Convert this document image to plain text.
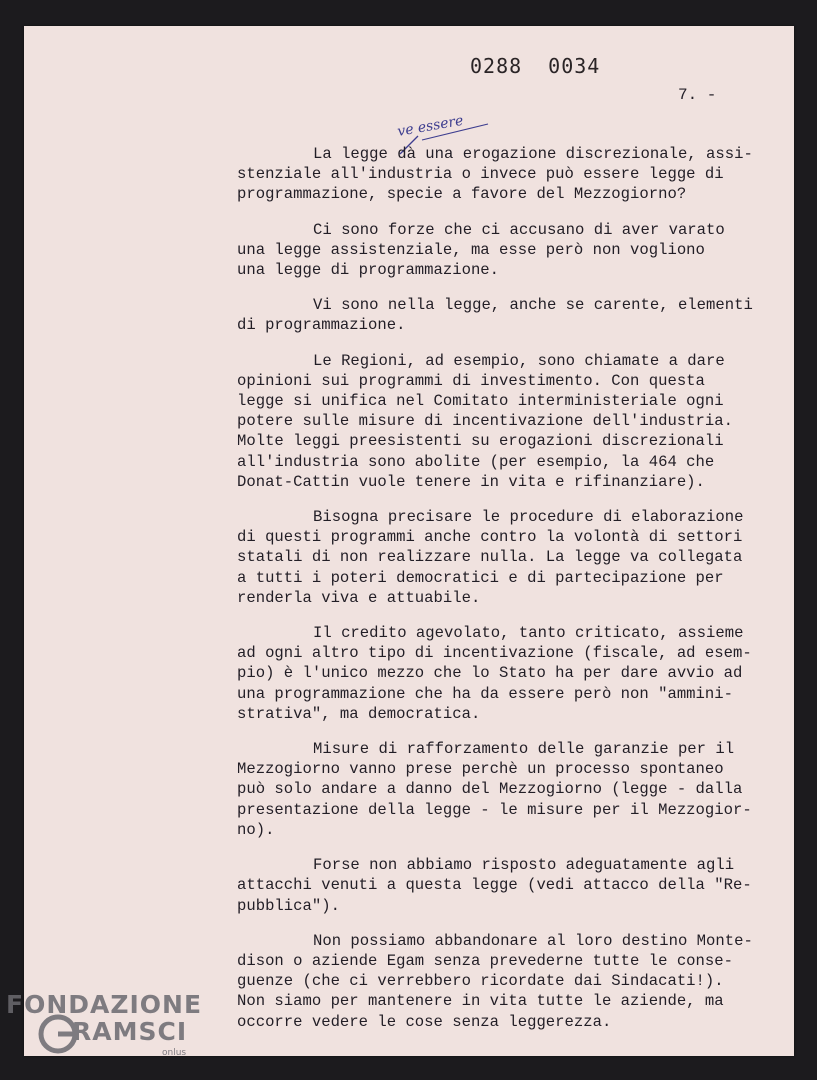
0288 0034
7. -
ve essere
La legge dà una erogazione discrezionale, assi-
stenziale all'industria o invece può essere legge di
programmazione, specie a favore del Mezzogiorno?
Ci sono forze che ci accusano di aver varato
una legge assistenziale, ma esse però non vogliono
una legge di programmazione.
Vi sono nella legge, anche se carente, elementi
di programmazione.
Le Regioni, ad esempio, sono chiamate a dare
opinioni sui programmi di investimento. Con questa
legge si unifica nel Comitato interministeriale ogni
potere sulle misure di incentivazione dell'industria.
Molte leggi preesistenti su erogazioni discrezionali
all'industria sono abolite (per esempio, la 464 che
Donat-Cattin vuole tenere in vita e rifinanziare).
Bisogna precisare le procedure di elaborazione
di questi programmi anche contro la volontà di settori
statali di non realizzare nulla. La legge va collegata
a tutti i poteri democratici e di partecipazione per
renderla viva e attuabile.
Il credito agevolato, tanto criticato, assieme
ad ogni altro tipo di incentivazione (fiscale, ad esem-
pio) è l'unico mezzo che lo Stato ha per dare avvio ad
una programmazione che ha da essere però non "ammini-
strativa", ma democratica.
Misure di rafforzamento delle garanzie per il
Mezzogiorno vanno prese perchè un processo spontaneo
può solo andare a danno del Mezzogiorno (legge - dalla
presentazione della legge - le misure per il Mezzogior-
no).
Forse non abbiamo risposto adeguatamente agli
attacchi venuti a questa legge (vedi attacco della "Re-
pubblica").
Non possiamo abbandonare al loro destino Monte-
dison o aziende Egam senza prevederne tutte le conse-
guenze (che ci verrebbero ricordate dai Sindacati!).
Non siamo per mantenere in vita tutte le aziende, ma
occorre vedere le cose senza leggerezza.
FONDAZIONE
RAMSCI
onlus
